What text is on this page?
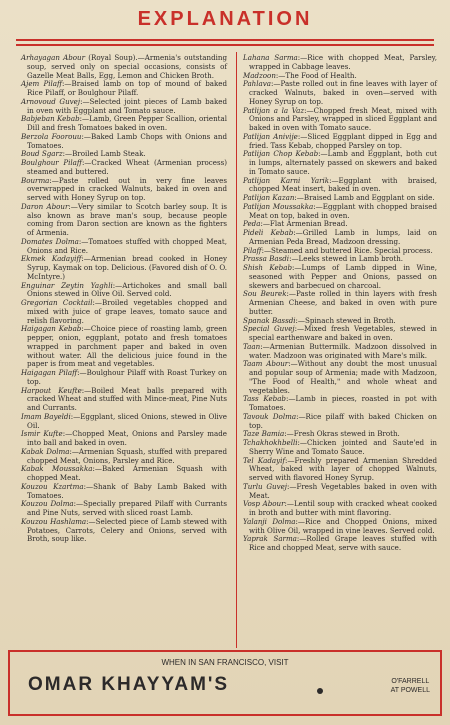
EXPLANATION

Arhayagan Abour (Royal Soup).—Armenia's outstanding soup, served only on special occasions, consists of Gazelle Meat Balls, Egg, Lemon and Chicken Broth.

Ajem Pilaff:—Braised lamb on top of mound of baked Rice Pilaff, or Boulghour Pilaff.

Arnovoud Guvej:—Selected joint pieces of Lamb baked in oven with Eggplant and Tomato sauce.

Babjeban Kebab:—Lamb, Green Pepper Scallion, oriental Dill and fresh Tomatoes baked in oven.

Berzola Foorouu:—Baked Lamb Chops with Onions and Tomatoes.

Boud Sgarz:—Broiled Lamb Steak.

Boulghour Pilaff:—Cracked Wheat (Armenian process) steamed and buttered.

Bourma:—Paste rolled out in very fine leaves overwrapped in cracked Walnuts, baked in oven and served with Honey Syrup on top.

Daron Abour:—Very similar to Scotch barley soup. It is also known as brave man's soup, because people coming from Daron section are known as the fighters of Armenia.

Domates Dolma:—Tomatoes stuffed with chopped Meat, Onions and Rice.

Ekmek Kadayiff:—Armenian bread cooked in Honey Syrup, Kaymak on top. Delicious. (Favored dish of O. O. McIntyre.)

Enguinar Zeytin Yaghli:—Artichokes and small ball Onions stewed in Olive Oil. Served cold.

Gregorian Cocktail:—Broiled vegetables chopped and mixed with juice of grape leaves, tomato sauce and relish flavoring.

Haigagan Kebab:—Choice piece of roasting lamb, green pepper, onion, eggplant, potato and fresh tomatoes wrapped in parchment paper and baked in oven without water. All the delicious juice found in the paper is from meat and vegetables.

Haigagan Pilaff:—Boulghour Pilaff with Roast Turkey on top.

Harpout Keufte:—Boiled Meat balls prepared with cracked Wheat and stuffed with Mince-meat, Pine Nuts and Currants.

Imam Bayeldi:—Eggplant, sliced Onions, stewed in Olive Oil.

Ismir Kufte:—Chopped Meat, Onions and Parsley made into ball and baked in oven.

Kabak Dolma:—Armenian Squash, stuffed with prepared chopped Meat, Onions, Parsley and Rice.

Kabak Moussakka:—Baked Armenian Squash with chopped Meat.

Kouzou Kzartma:—Shank of Baby Lamb Baked with Tomatoes.

Kouzou Dolma:—Specially prepared Pilaff with Currants and Pine Nuts, served with sliced roast Lamb.

Kouzou Hashlama:—Selected piece of Lamb stewed with Potatoes, Carrots, Celery and Onions, served with Broth, soup like.

Lahana Sarma:—Rice with chopped Meat, Parsley, wrapped in Cabbage leaves.

Madzoon:—The Food of Health.

Pahlava:—Paste rolled out in fine leaves with layer of cracked Walnuts, baked in oven—served with Honey Syrup on top.

Patlijan a la Vaz:—Chopped fresh Meat, mixed with Onions and Parsley, wrapped in sliced Eggplant and baked in oven with Tomato sauce.

Patlijan Anivije:—Sliced Eggplant dipped in Egg and fried. Tass Kebab, chopped Parsley on top.

Patlijan Chop Kebab:—Lamb and Eggplant, both cut in lumps, alternately passed on skewers and baked in Tomato sauce.

Patlijan Karni Yarik:—Eggplant with braised, chopped Meat insert, baked in oven.

Patlijan Kazan:—Braised Lamb and Eggplant on side.

Patlijan Moussakka:—Eggplant with chopped braised Meat on top, baked in oven.

Peda:—Flat Armenian Bread.

Pideli Kebab:—Grilled Lamb in lumps, laid on Armenian Peda Bread, Madzoon dressing.

Pilaff:—Steamed and buttered Rice. Special process.

Prassa Basdi:—Leeks stewed in Lamb broth.

Shish Kebab:—Lumps of Lamb dipped in Wine, seasoned with Pepper and Onions, passed on skewers and barbecued on charcoal.

Sou Beurek:—Paste rolled in thin layers with fresh Armenian Cheese, and baked in oven with pure butter.

Spanak Bassdi:—Spinach stewed in Broth.

Special Guvej:—Mixed fresh Vegetables, stewed in special earthenware and baked in oven.

Taan:—Armenian Buttermilk. Madzoon dissolved in water. Madzoon was originated with Mare's milk.

Taam Abour:—Without any doubt the most unusual and popular soup of Armenia; made with Madzoon, "The Food of Health," and whole wheat and vegetables.

Tass Kebab:—Lamb in pieces, roasted in pot with Tomatoes.

Tavouk Dolma:—Rice pilaff with baked Chicken on top.

Taze Bamia:—Fresh Okras stewed in Broth.

Tchakhokhbelli:—Chicken jointed and Saute'ed in Sherry Wine and Tomato Sauce.

Tel Kadayif:—Freshly prepared Armenian Shredded Wheat, baked with layer of chopped Walnuts, served with flavored Honey Syrup.

Turlu Guvej:—Fresh Vegetables baked in oven with Meat.

Vosp Abour:—Lentil soup with cracked wheat cooked in broth and butter with mint flavoring.

Yalanji Dolma:—Rice and Chopped Onions, mixed with Olive Oil, wrapped in vine leaves. Served cold.

Yaprak Sarma:—Rolled Grape leaves stuffed with Rice and chopped Meat, serve with sauce.

WHEN IN SAN FRANCISCO, VISIT
OMAR KHAYYAM'S	O'FARRELL
AT POWELL
